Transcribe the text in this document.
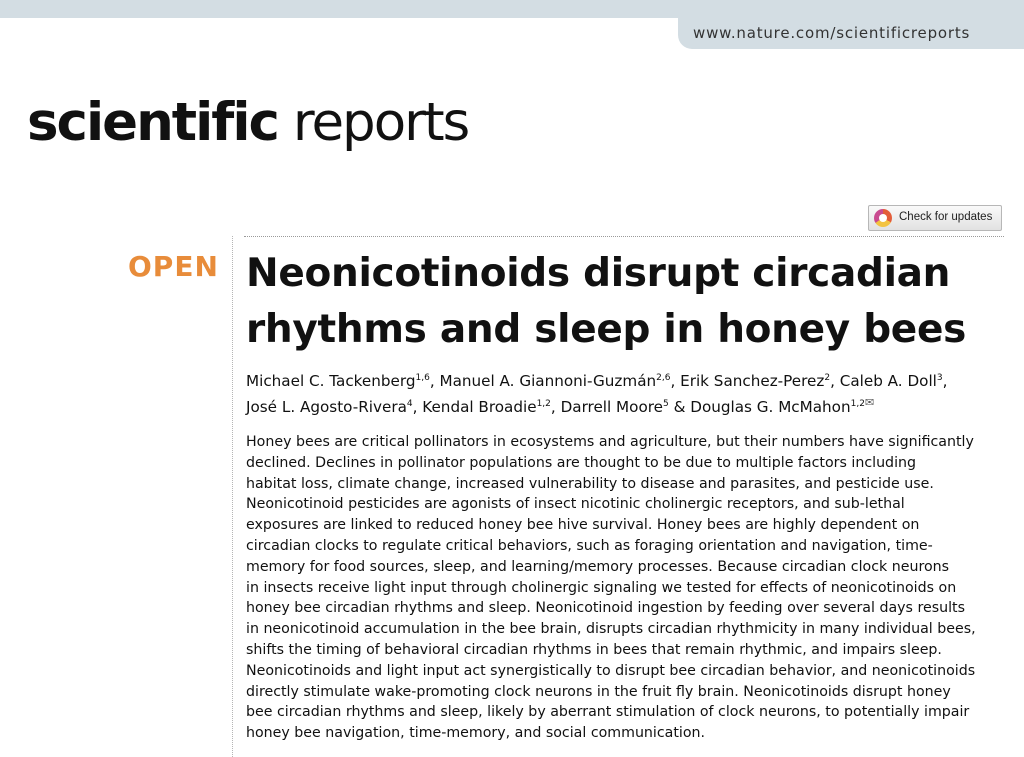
www.nature.com/scientificreports
scientific reports
Check for updates
OPEN Neonicotinoids disrupt circadian rhythms and sleep in honey bees

Michael C. Tackenberg$^{1,6}$, Manuel A. Giannoni-Guzmán$^{2,6}$, Erik Sanchez-Perez$^2$, Caleb A. Doll$^3$,
José L. Agosto-Rivera$^4$, Kendal Broadie$^{1,2}$, Darrell Moore$^5$ & Douglas G. McMahon$^{1,2✉}$

Honey bees are critical pollinators in ecosystems and agriculture, but their numbers have significantly
declined. Declines in pollinator populations are thought to be due to multiple factors including
habitat loss, climate change, increased vulnerability to disease and parasites, and pesticide use.
Neonicotinoid pesticides are agonists of insect nicotinic cholinergic receptors, and sub-lethal
exposures are linked to reduced honey bee hive survival. Honey bees are highly dependent on
circadian clocks to regulate critical behaviors, such as foraging orientation and navigation, time-
memory for food sources, sleep, and learning/memory processes. Because circadian clock neurons
in insects receive light input through cholinergic signaling we tested for effects of neonicotinoids on
honey bee circadian rhythms and sleep. Neonicotinoid ingestion by feeding over several days results
in neonicotinoid accumulation in the bee brain, disrupts circadian rhythmicity in many individual bees,
shifts the timing of behavioral circadian rhythms in bees that remain rhythmic, and impairs sleep.
Neonicotinoids and light input act synergistically to disrupt bee circadian behavior, and neonicotinoids
directly stimulate wake-promoting clock neurons in the fruit fly brain. Neonicotinoids disrupt honey
bee circadian rhythms and sleep, likely by aberrant stimulation of clock neurons, to potentially impair
honey bee navigation, time-memory, and social communication.
